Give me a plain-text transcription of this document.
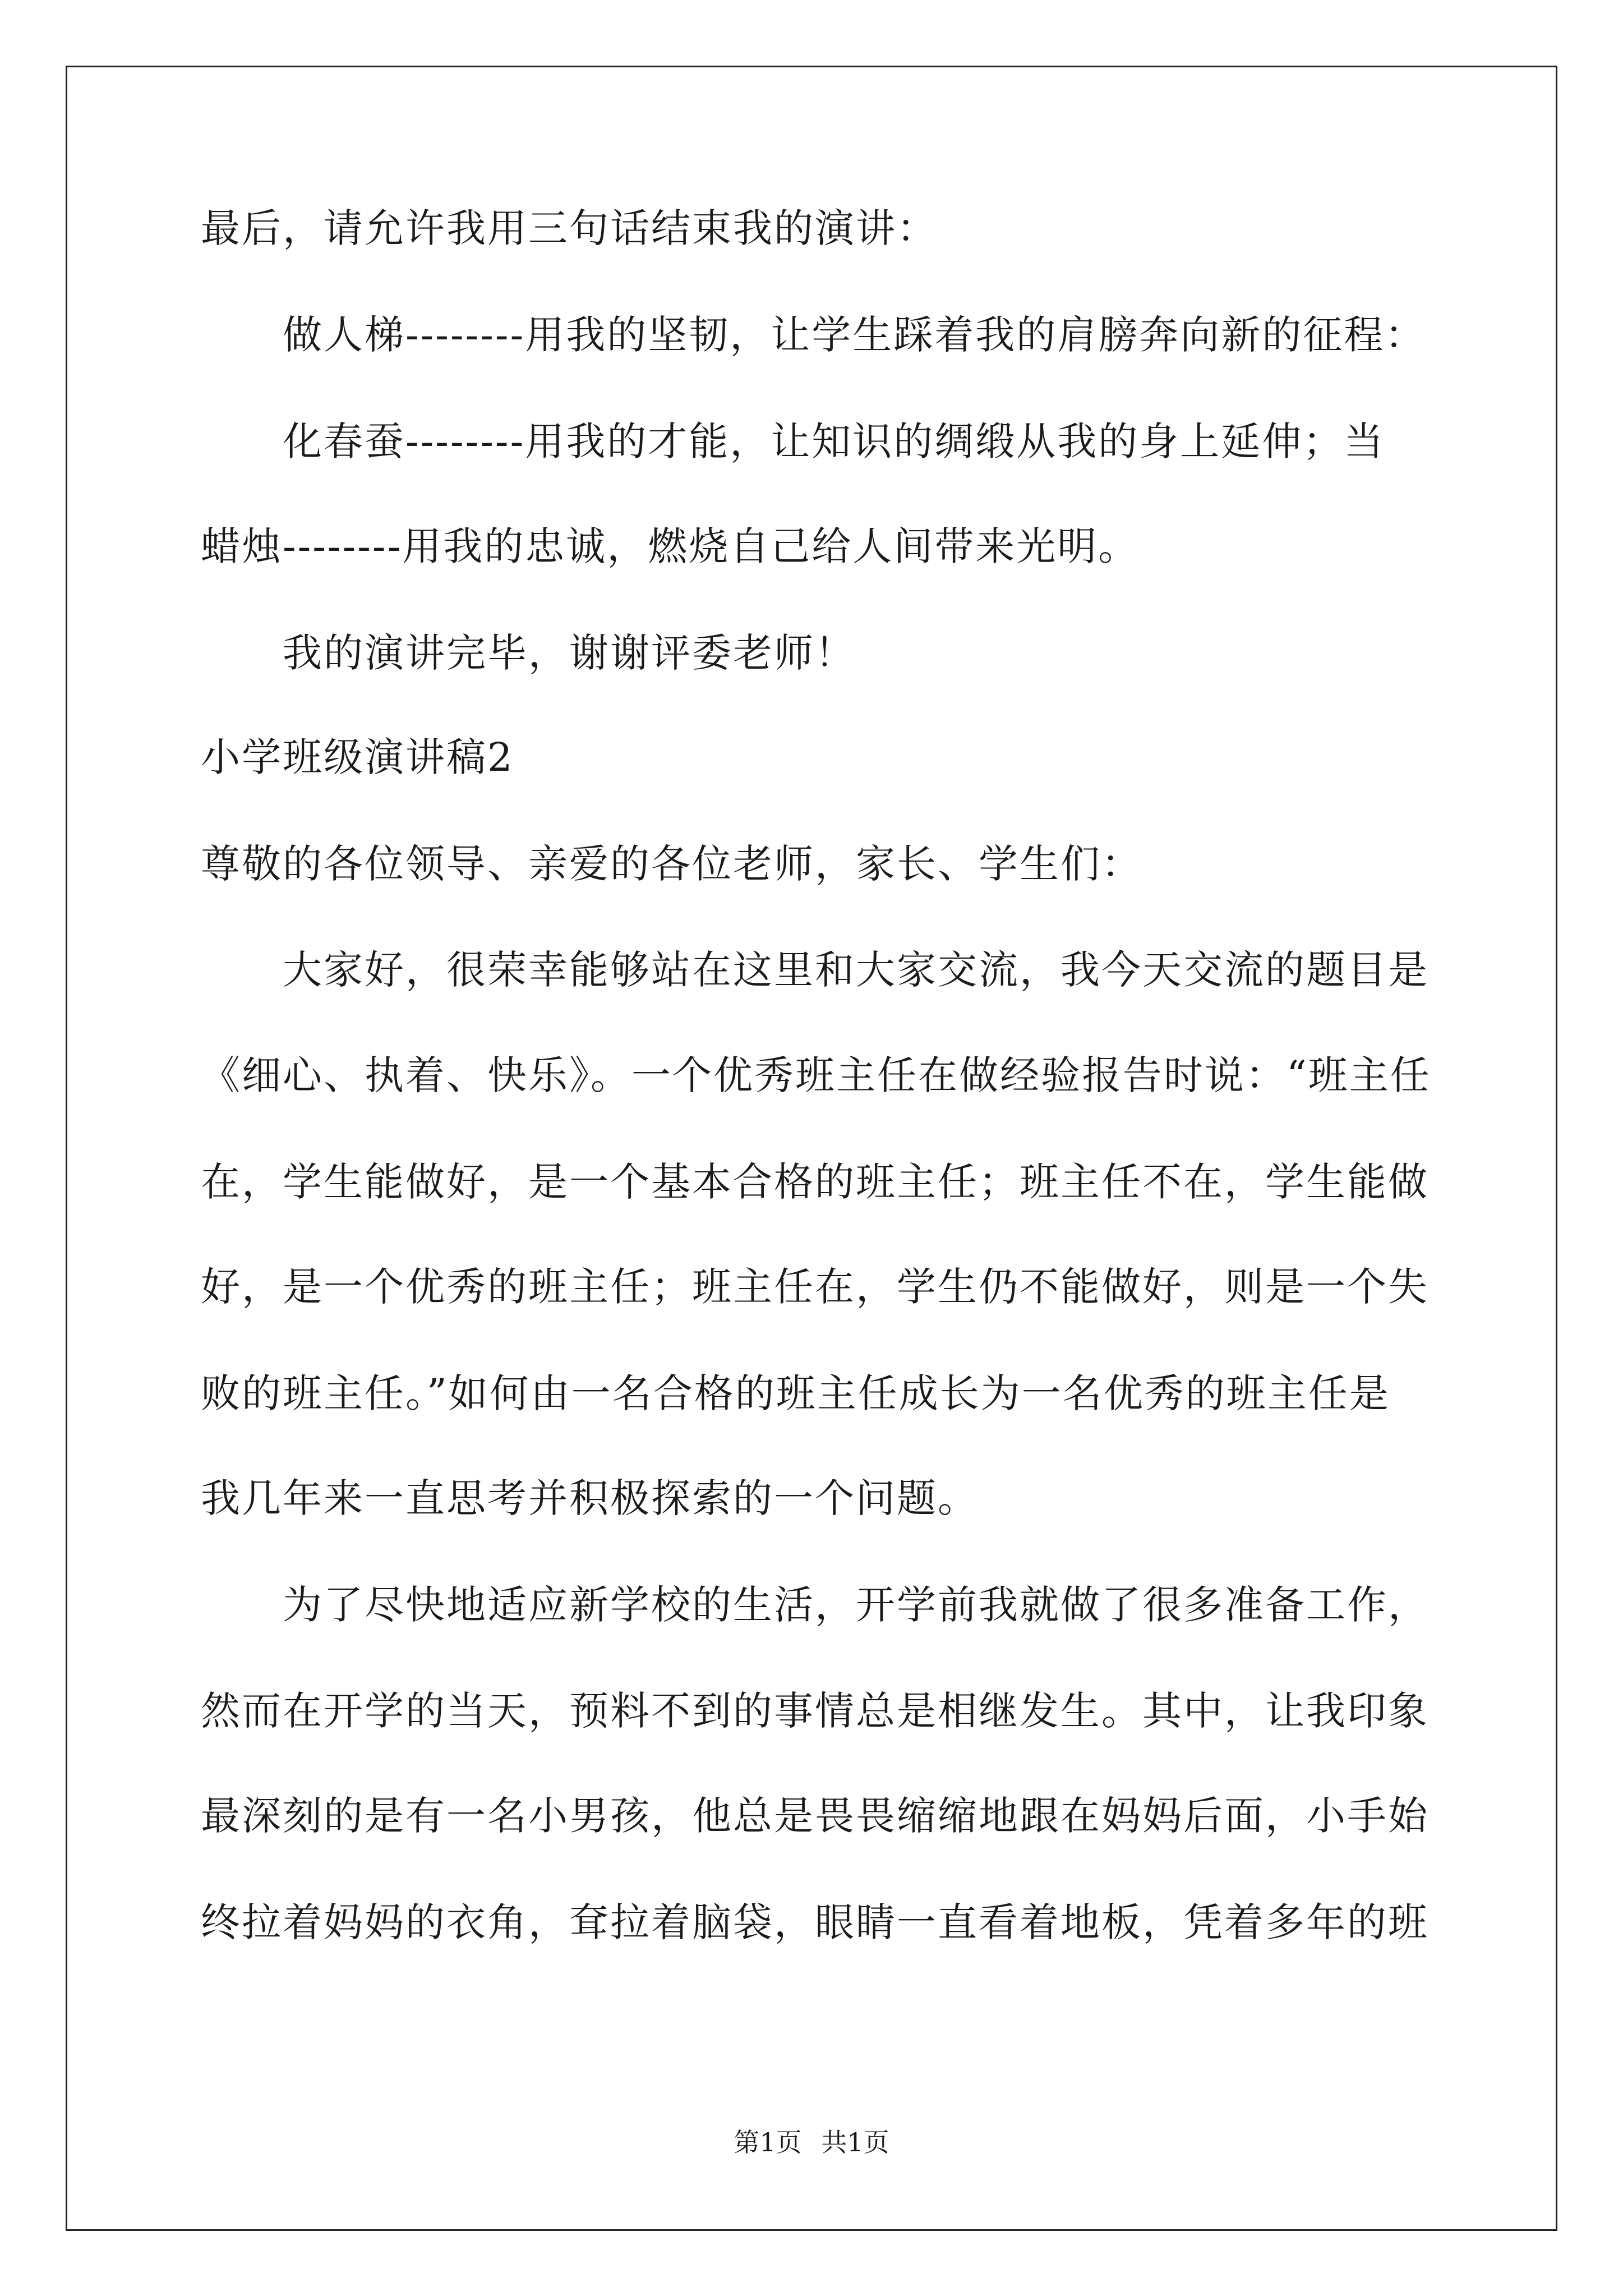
最后，请允许我用三句话结束我的演讲：
　　做人梯--------用我的坚韧，让学生踩着我的肩膀奔向新的征程：
　　化春蚕--------用我的才能，让知识的绸缎从我的身上延伸；当
蜡烛--------用我的忠诚，燃烧自己给人间带来光明。
　　我的演讲完毕，谢谢评委老师！
小学班级演讲稿2
尊敬的各位领导、亲爱的各位老师，家长、学生们：
　　大家好，很荣幸能够站在这里和大家交流，我今天交流的题目是
《细心、执着、快乐》。一个优秀班主任在做经验报告时说：“班主任
在，学生能做好，是一个基本合格的班主任；班主任不在，学生能做
好，是一个优秀的班主任；班主任在，学生仍不能做好，则是一个失
败的班主任。”如何由一名合格的班主任成长为一名优秀的班主任是
我几年来一直思考并积极探索的一个问题。
　　为了尽快地适应新学校的生活，开学前我就做了很多准备工作，
然而在开学的当天，预料不到的事情总是相继发生。其中，让我印象
最深刻的是有一名小男孩，他总是畏畏缩缩地跟在妈妈后面，小手始
终拉着妈妈的衣角，耷拉着脑袋，眼睛一直看着地板，凭着多年的班
第1页 共1页
